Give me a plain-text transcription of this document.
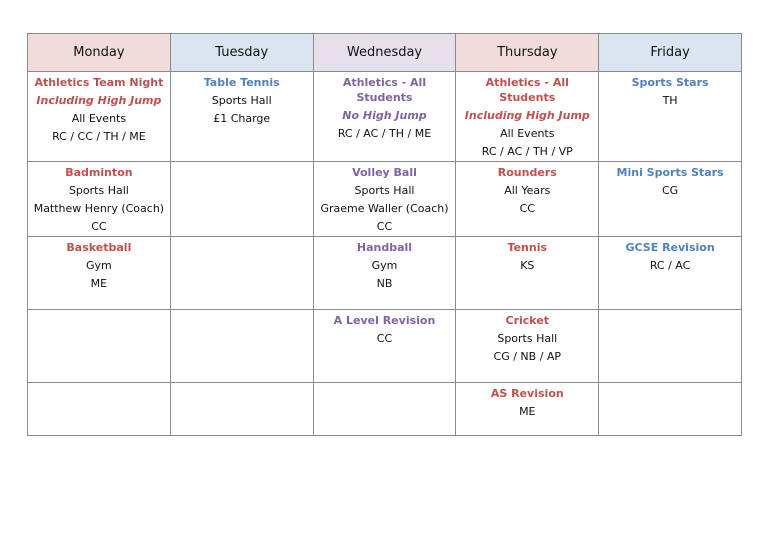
Monday	Tuesday	Wednesday	Thursday	Friday

Athletics Team Night
Including High Jump
All Events
RC / CC / TH / ME	Table Tennis
Sports Hall
£1 Charge	Athletics - All Students
No High Jump
RC / AC / TH / ME	Athletics - All Students
Including High Jump
All Events
RC / AC / TH / VP	Sports Stars
TH

Badminton
Sports Hall
Matthew Henry (Coach)
CC		Volley Ball
Sports Hall
Graeme Waller (Coach)
CC	Rounders
All Years
CC	Mini Sports Stars
CG

Basketball
Gym
ME		Handball
Gym
NB	Tennis
KS	GCSE Revision
RC / AC

		A Level Revision
CC	Cricket
Sports Hall
CG / NB / AP	

			AS Revision
ME	
